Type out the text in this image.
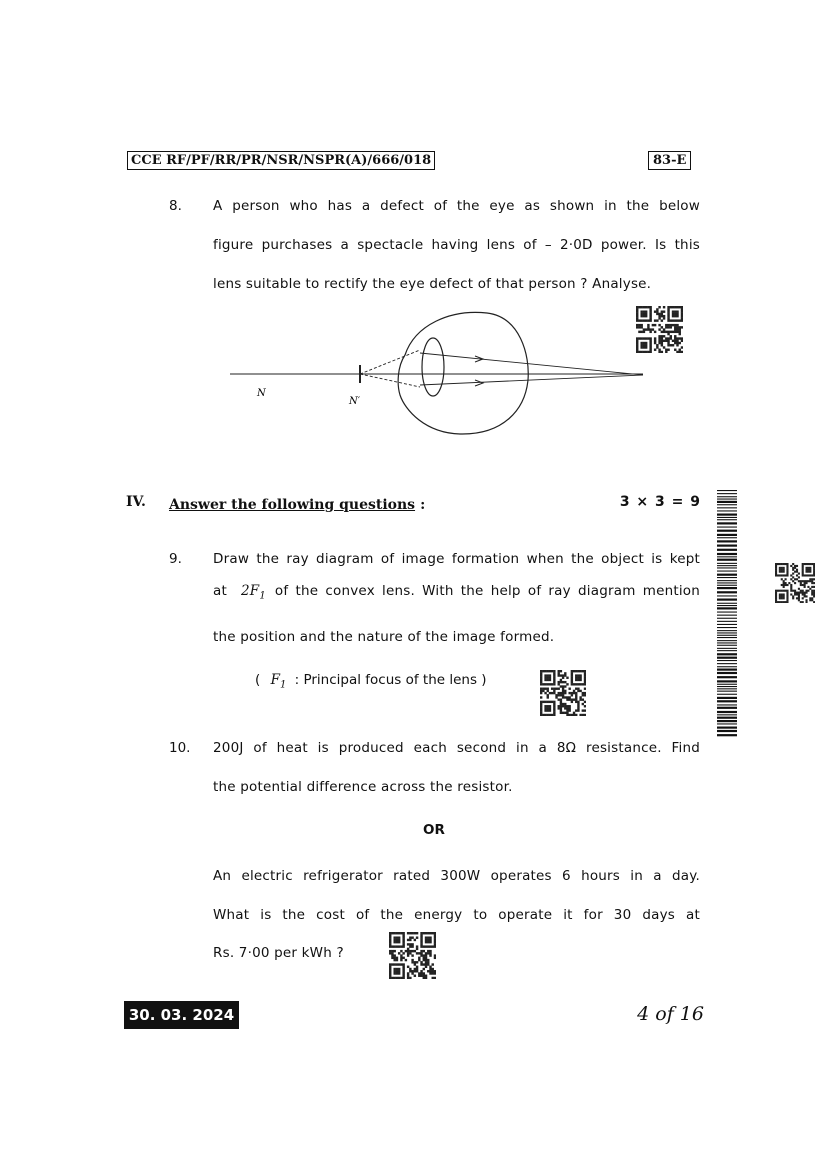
CCE RF/PF/RR/PR/NSR/NSPR(A)/666/018	83-E
8. A person who has a defect of the eye as shown in the below
figure purchases a spectacle having lens of – 2·0D power. Is this
lens suitable to rectify the eye defect of that person ? Analyse.
N
N′
IV. Answer the following questions :	3 × 3 = 9
9. Draw the ray diagram of image formation when the object is kept
at $2F_1$ of the convex lens. With the help of ray diagram mention
the position and the nature of the image formed.
( $F_1$ : Principal focus of the lens )
10. 200J of heat is produced each second in a 8Ω resistance. Find
the potential difference across the resistor.
OR
An electric refrigerator rated 300W operates 6 hours in a day.
What is the cost of the energy to operate it for 30 days at
Rs. 7·00 per kWh ?
30. 03. 2024	4 of 16
